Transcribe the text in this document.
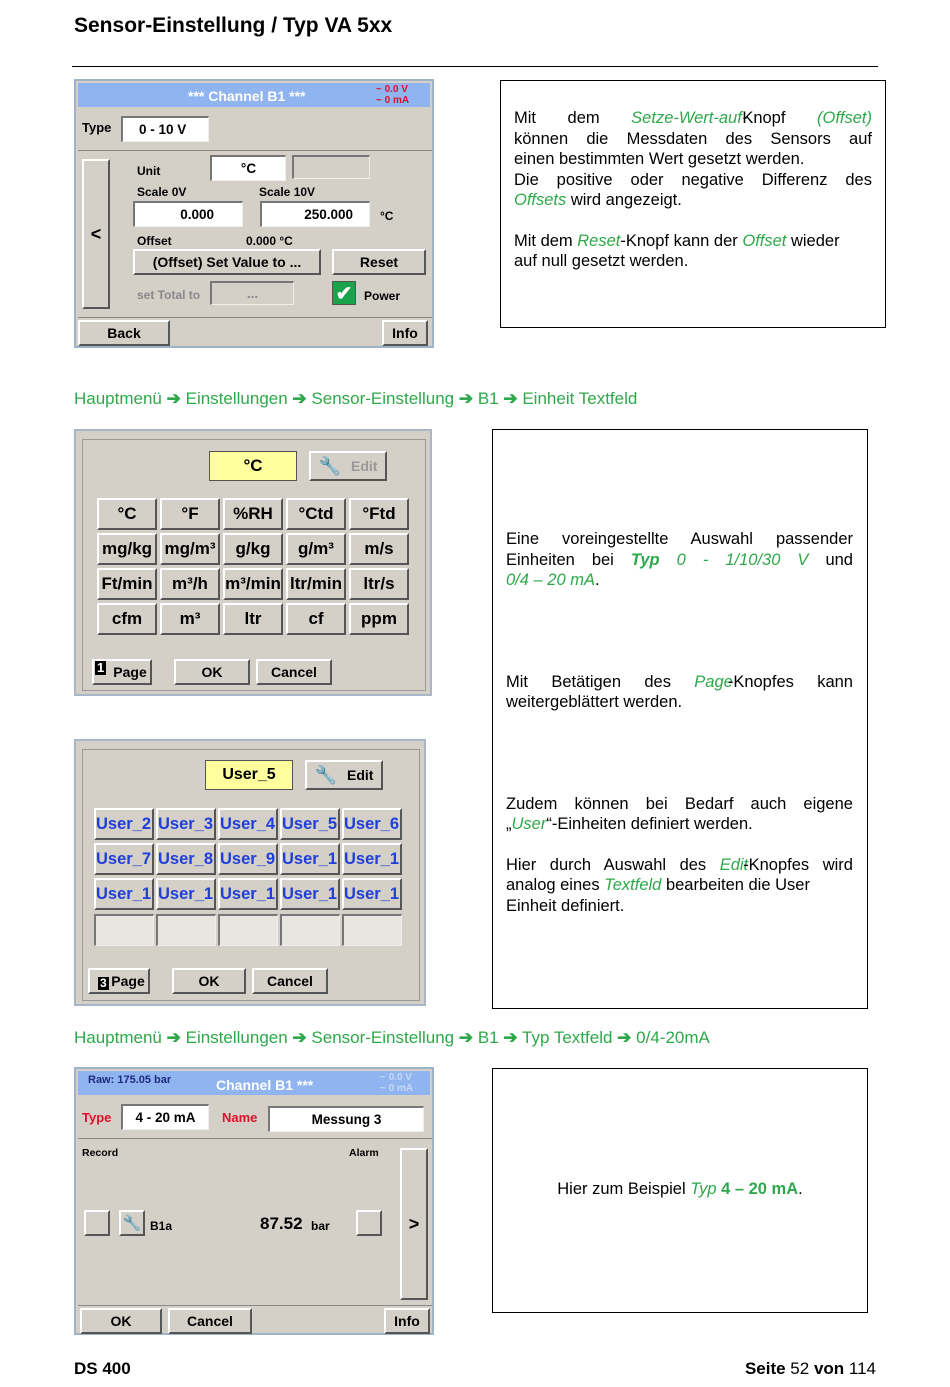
Sensor-Einstellung / Typ VA 5xx
*** Channel B1 ***	~ 0.0 V
~ 0 mA
Type	0 - 10 V
<
Unit	°C
Scale 0V	Scale 10V
0.000	250.000	°C
Offset	0.000 °C
(Offset) Set Value to ...	Reset
set Total to	...	✔ Power
Back	Info
Mit dem Setze-Wert-auf-Knopf (Offset)
können die Messdaten des Sensors auf
einen bestimmten Wert gesetzt werden.
Die positive oder negative Differenz des
Offsets wird angezeigt.
Mit dem Reset-Knopf kann der Offset wieder
auf null gesetzt werden.
Hauptmenü ➔ Einstellungen ➔ Sensor-Einstellung ➔ B1 ➔ Einheit Textfeld
°C	🔧 Edit
°C	°F	%RH	°Ctd	°Ftd
mg/kg mg/m³	g/kg	g/m³	m/s
Ft/min	m³/h	m³/min ltr/min	ltr/s
cfm	m³	ltr	cf	ppm
1 Page	OK	Cancel
User_5	🔧 Edit
User_2 User_3 User_4 User_5 User_6
User_7 User_8 User_9 User_1 User_1
User_1 User_1 User_1 User_1 User_1
3 Page	OK	Cancel
Eine voreingestellte Auswahl passender
Einheiten bei Typ 0 - 1/10/30 V und
0/4 – 20 mA.
Mit Betätigen des Page-Knopfes kann
weitergeblättert werden.
Zudem können bei Bedarf auch eigene
„User“-Einheiten definiert werden.
Hier durch Auswahl des Edit-Knopfes wird
analog eines Textfeld bearbeiten die User
Einheit definiert.
Hauptmenü ➔ Einstellungen ➔ Sensor-Einstellung ➔ B1 ➔ Typ Textfeld ➔ 0/4-20mA
Raw: 175.05 bar	Channel B1 ***	~ 0.0 V
~ 0 mA
Type	4 - 20 mA	Name	Messung 3
Record	Alarm
🔧 B1a	87.52 bar	>
OK	Cancel	Info
Hier zum Beispiel Typ 4 – 20 mA.
DS 400	Seite 52 von 114
